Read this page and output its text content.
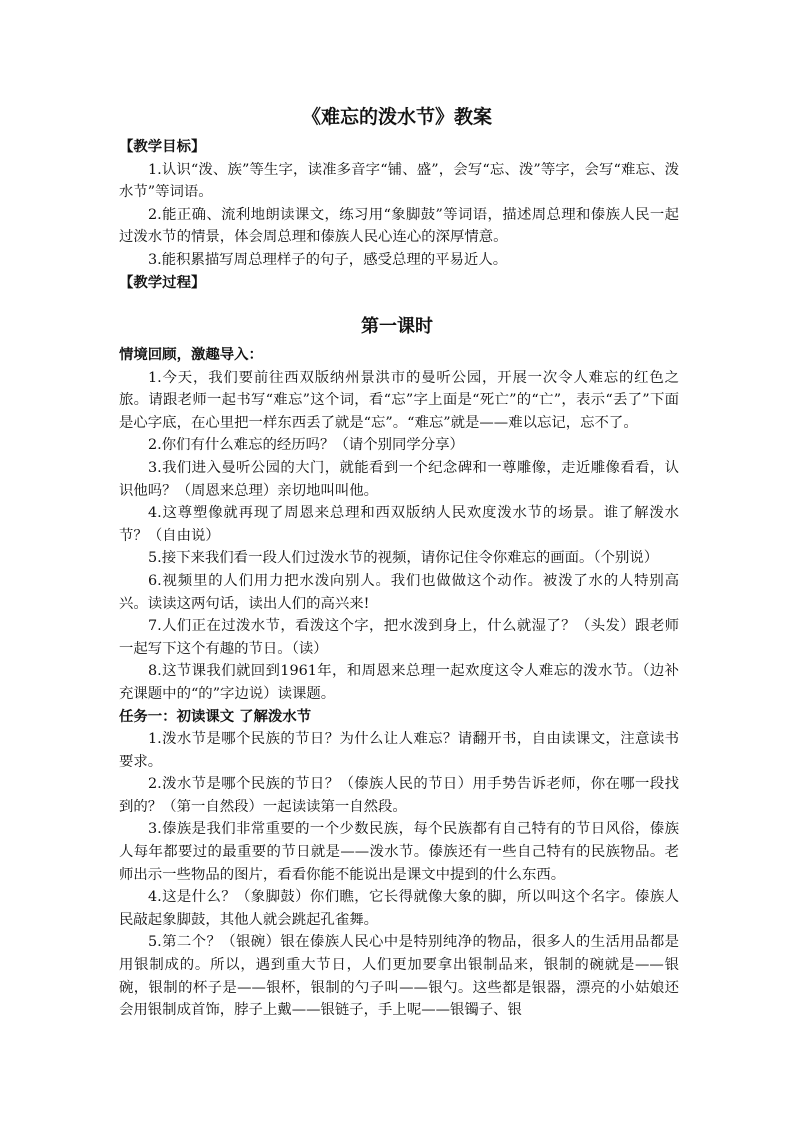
《难忘的泼水节》教案

【教学目标】

1.认识“泼、族”等生字，读准多音字“铺、盛”，会写“忘、泼”等字，会写“难忘、泼水节”等词语。

2.能正确、流利地朗读课文，练习用“象脚鼓”等词语，描述周总理和傣族人民一起过泼水节的情景，体会周总理和傣族人民心连心的深厚情意。

3.能积累描写周总理样子的句子，感受总理的平易近人。

【教学过程】

第一课时

情境回顾，激趣导入：

1.今天，我们要前往西双版纳州景洪市的曼听公园，开展一次令人难忘的红色之旅。请跟老师一起书写“难忘”这个词，看“忘”字上面是“死亡”的“亡”，表示“丢了”下面是心字底，在心里把一样东西丢了就是“忘”。“难忘”就是——难以忘记，忘不了。

2.你们有什么难忘的经历吗？（请个别同学分享）

3.我们进入曼听公园的大门，就能看到一个纪念碑和一尊雕像，走近雕像看看，认识他吗？（周恩来总理）亲切地叫叫他。

4.这尊塑像就再现了周恩来总理和西双版纳人民欢度泼水节的场景。谁了解泼水节？（自由说）

5.接下来我们看一段人们过泼水节的视频，请你记住令你难忘的画面。（个别说）

6.视频里的人们用力把水泼向别人。我们也做做这个动作。被泼了水的人特别高兴。读读这两句话，读出人们的高兴来!

7.人们正在过泼水节，看泼这个字，把水泼到身上，什么就湿了？（头发）跟老师一起写下这个有趣的节日。（读）

8.这节课我们就回到1961年，和周恩来总理一起欢度这令人难忘的泼水节。（边补充课题中的“的”字边说）读课题。

任务一：初读课文 了解泼水节

1.泼水节是哪个民族的节日？为什么让人难忘？请翻开书，自由读课文，注意读书要求。

2.泼水节是哪个民族的节日？（傣族人民的节日）用手势告诉老师，你在哪一段找到的？（第一自然段）一起读读第一自然段。

3.傣族是我们非常重要的一个少数民族，每个民族都有自己特有的节日风俗，傣族人每年都要过的最重要的节日就是——泼水节。傣族还有一些自己特有的民族物品。老师出示一些物品的图片，看看你能不能说出是课文中提到的什么东西。

4.这是什么？（象脚鼓）你们瞧，它长得就像大象的脚，所以叫这个名字。傣族人民敲起象脚鼓，其他人就会跳起孔雀舞。

5.第二个？（银碗）银在傣族人民心中是特别纯净的物品，很多人的生活用品都是用银制成的。所以，遇到重大节日，人们更加要拿出银制品来，银制的碗就是——银碗，银制的杯子是——银杯，银制的勺子叫——银勺。这些都是银器，漂亮的小姑娘还会用银制成首饰，脖子上戴——银链子，手上呢——银镯子、银
